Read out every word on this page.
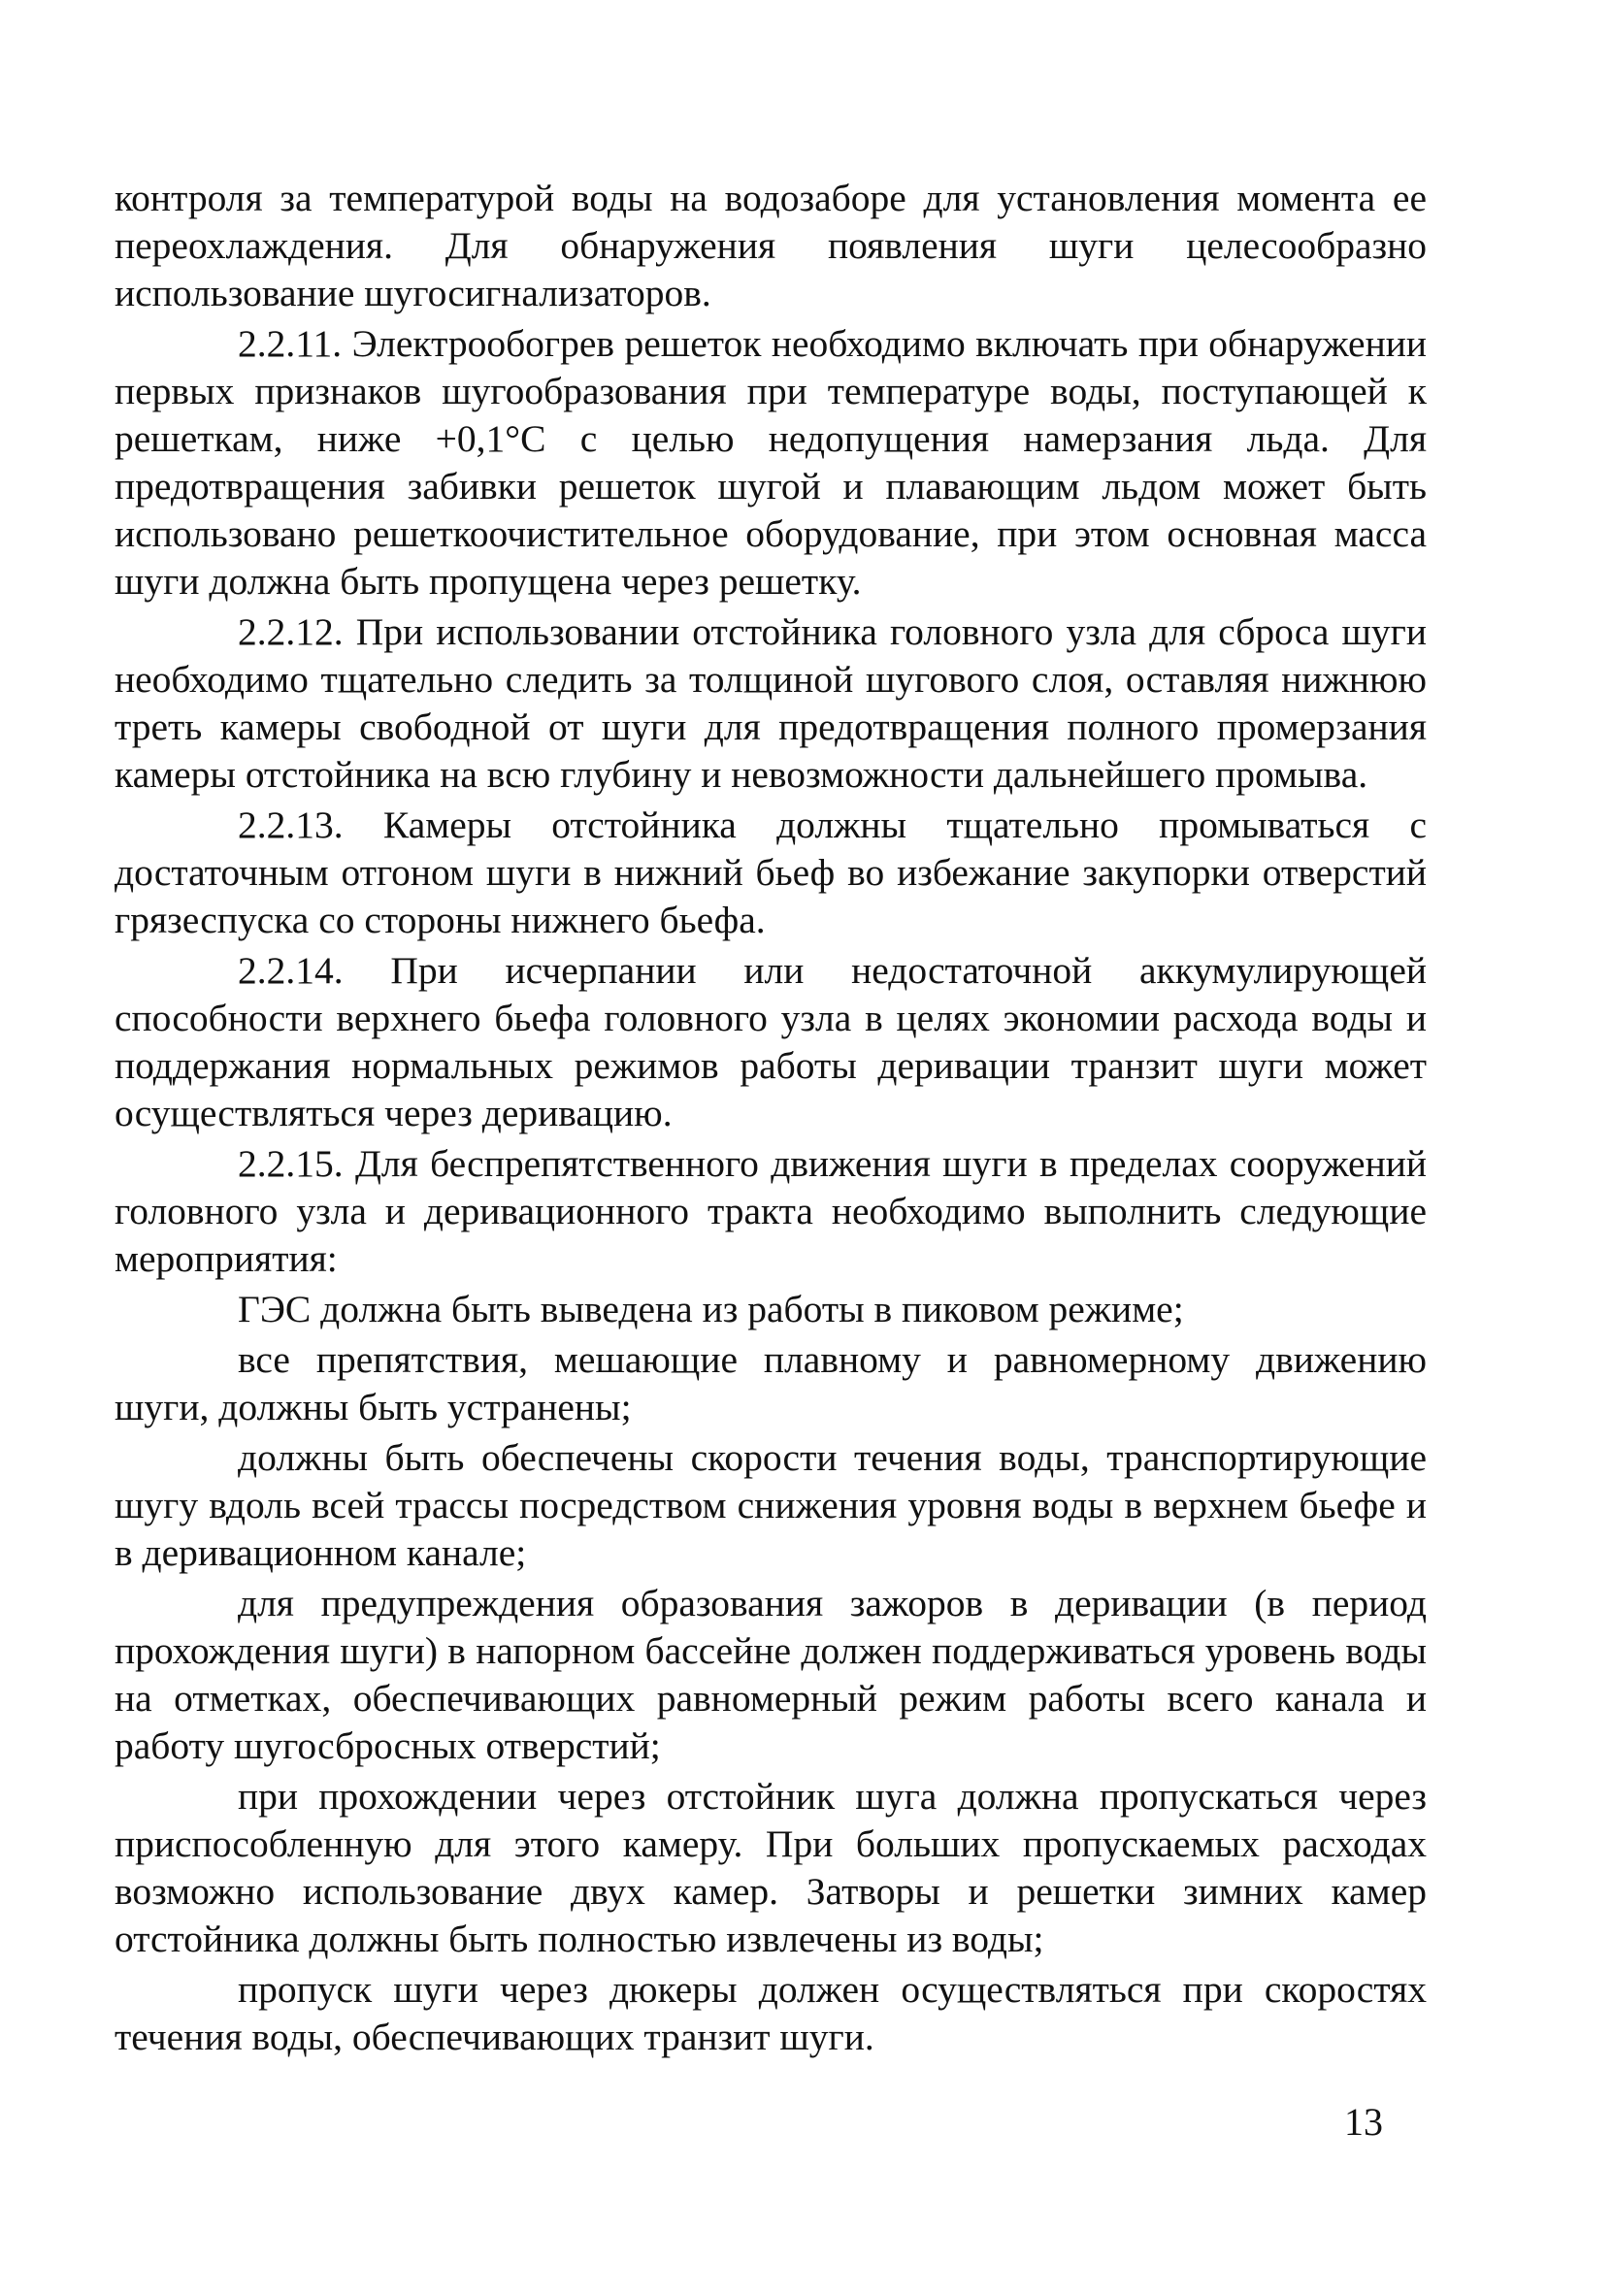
контроля за температурой воды на водозаборе для установления момента ее переохлаждения. Для обнаружения появления шуги целесообразно использование шугосигнализаторов.

2.2.11. Электрообогрев решеток необходимо включать при обнаружении первых признаков шугообразования при температуре воды, поступающей к решеткам, ниже +0,1°С с целью недопущения намерзания льда. Для предотвращения забивки решеток шугой и плавающим льдом может быть использовано решеткоочистительное оборудование, при этом основная масса шуги должна быть пропущена через решетку.

2.2.12. При использовании отстойника головного узла для сброса шуги необходимо тщательно следить за толщиной шугового слоя, оставляя нижнюю треть камеры свободной от шуги для предотвращения полного промерзания камеры отстойника на всю глубину и невозможности дальнейшего промыва.

2.2.13. Камеры отстойника должны тщательно промываться с достаточным отгоном шуги в нижний бьеф во избежание закупорки отверстий грязеспуска со стороны нижнего бьефа.

2.2.14. При исчерпании или недостаточной аккумулирующей способности верхнего бьефа головного узла в целях экономии расхода воды и поддержания нормальных режимов работы деривации транзит шуги может осуществляться через деривацию.

2.2.15. Для беспрепятственного движения шуги в пределах сооружений головного узла и деривационного тракта необходимо выполнить следующие мероприятия:

ГЭС должна быть выведена из работы в пиковом режиме;

все препятствия, мешающие плавному и равномерному движению шуги, должны быть устранены;

должны быть обеспечены скорости течения воды, транспортирующие шугу вдоль всей трассы посредством снижения уровня воды в верхнем бьефе и в деривационном канале;

для предупреждения образования зажоров в деривации (в период прохождения шуги) в напорном бассейне должен поддерживаться уровень воды на отметках, обеспечивающих равномерный режим работы всего канала и работу шугосбросных отверстий;

при прохождении через отстойник шуга должна пропускаться через приспособленную для этого камеру. При больших пропускаемых расходах возможно использование двух камер. Затворы и решетки зимних камер отстойника должны быть полностью извлечены из воды;

пропуск шуги через дюкеры должен осуществляться при скоростях течения воды, обеспечивающих транзит шуги.

13
